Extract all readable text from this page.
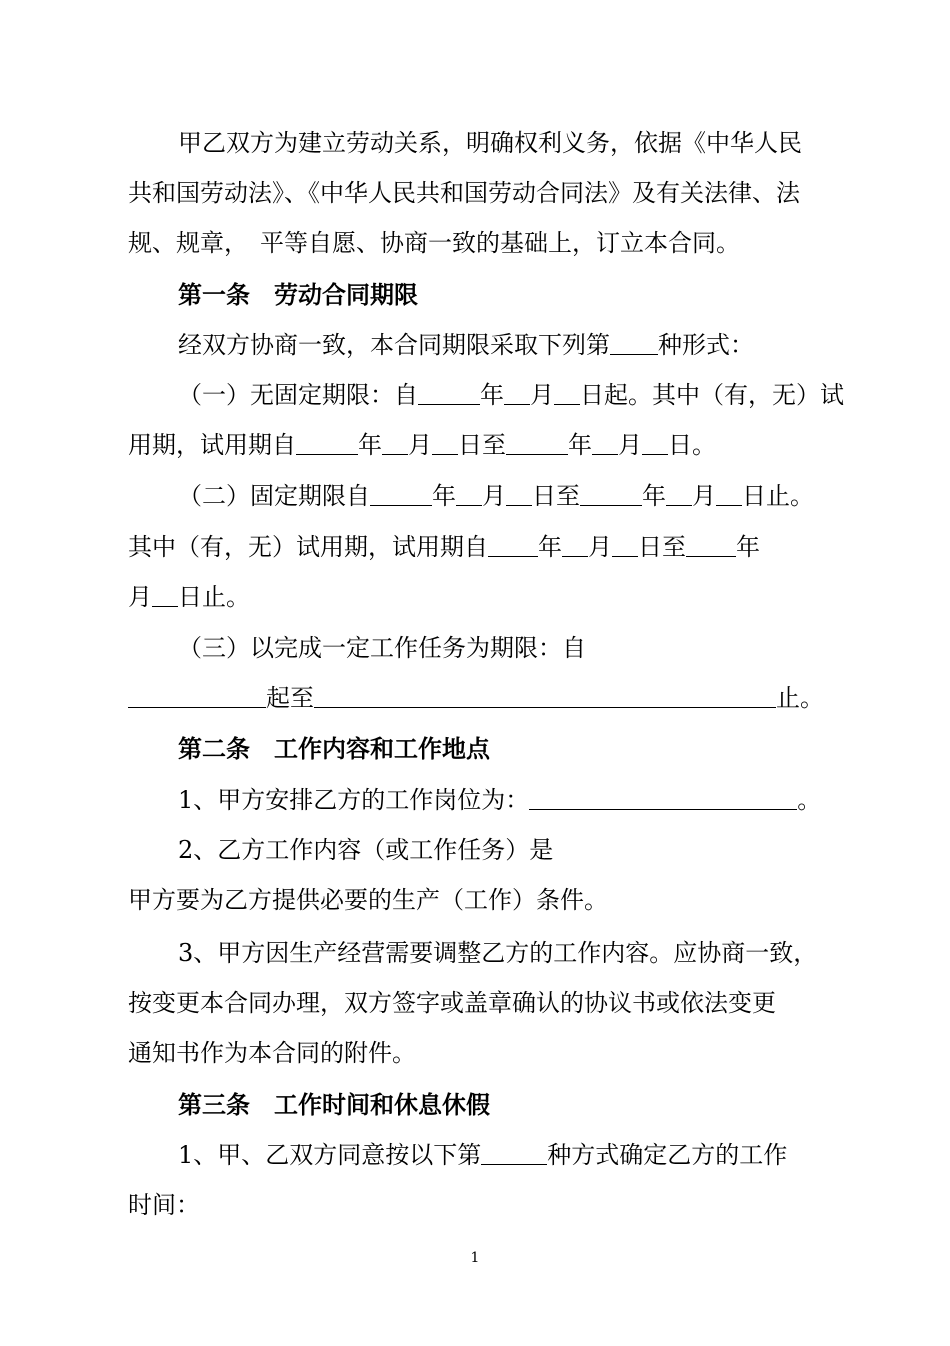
甲乙双方为建立劳动关系，明确权利义务，依据《中华人民
共和国劳动法》、《中华人民共和国劳动合同法》及有关法律、法
规、规章，　平等自愿、协商一致的基础上，订立本合同。
第一条　劳动合同期限
经双方协商一致，本合同期限采取下列第 种形式：
（一）无固定期限：自	年 月 日起。其中（有，无）试
用期，试用期自	年 月 日至	年 月 日。
（二）固定期限自	年 月 日至	年 月 日止。
其中（有，无）试用期，试用期自 年 月 日至 年
月 日止。
（三）以完成一定工作任务为期限：自
起至	止。
第二条　工作内容和工作地点
1、甲方安排乙方的工作岗位为：	。
2、乙方工作内容（或工作任务）是
甲方要为乙方提供必要的生产（工作）条件。
3、甲方因生产经营需要调整乙方的工作内容。应协商一致，
按变更本合同办理，双方签字或盖章确认的协议书或依法变更
通知书作为本合同的附件。
第三条　工作时间和休息休假
1、甲、乙双方同意按以下第	种方式确定乙方的工作
时间：
1
